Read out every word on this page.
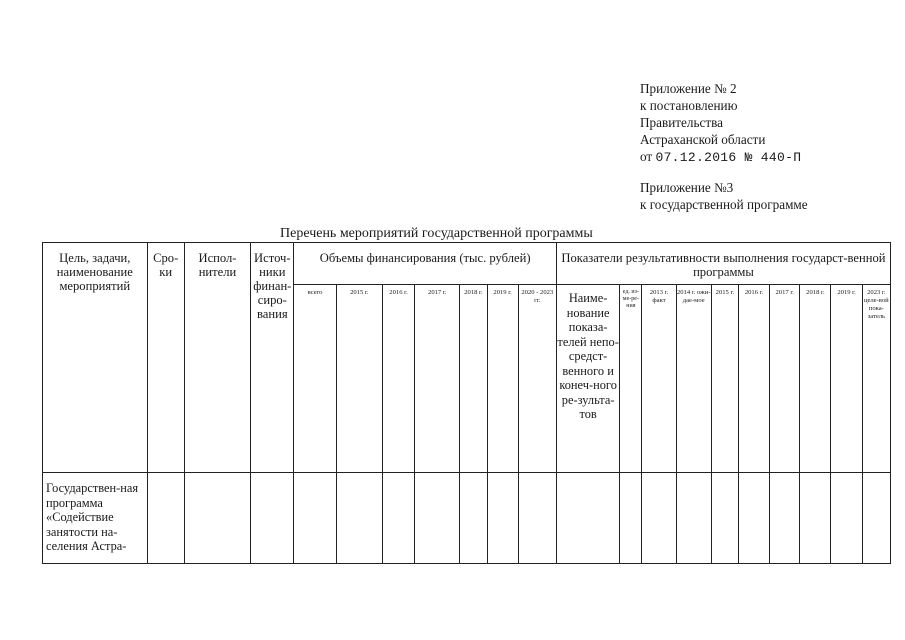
Приложение № 2
к постановлению
Правительства
Астраханской области
от 07.12.2016 № 440-П
Приложение №3
к государственной программе
Перечень мероприятий государственной программы
Цель, задачи, наименование мероприятий	Сро-ки	Испол-нители	Источ-ники финан-сиро-вания	Объемы финансирования (тыс. рублей)							Показатели результативности выполнения государст-венной программы									
				всего	2015 г.	2016 г.	2017 г.	2018 г.	2019 г.	2020 - 2023 гг.	Наиме-нование показа-телей непо-средст-венного и конеч-ного ре-зульта-тов	ед. из-ме-ре-ния	2013 г. факт	2014 г. ожи-дае-мое	2015 г.	2016 г.	2017 г.	2018 г.	2019 г.	2023 г. целе-вой пока-затель
Государствен-ная программа «Содействие занятости на-селения Астра-																				
